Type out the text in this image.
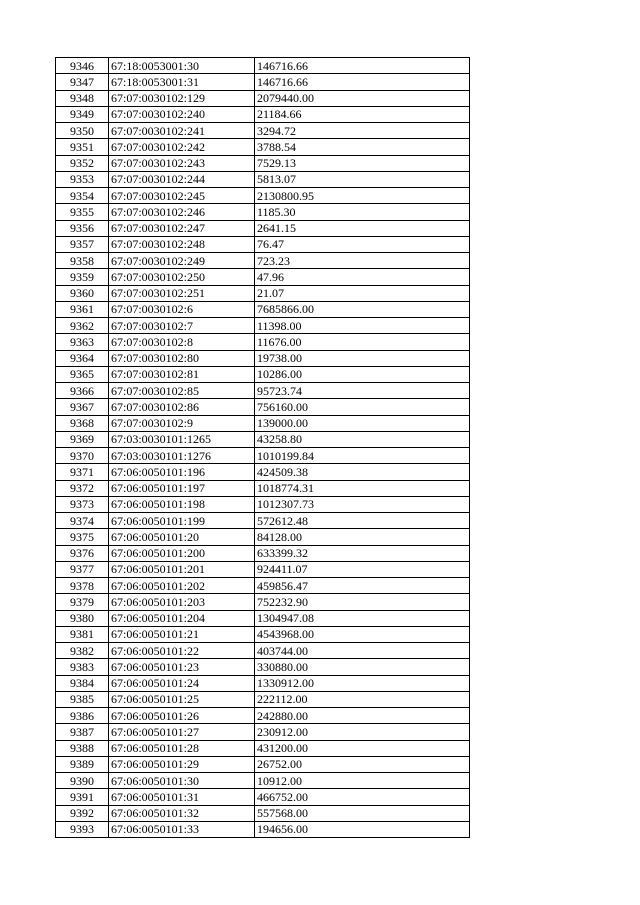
9346	67:18:0053001:30	146716.66
9347	67:18:0053001:31	146716.66
9348	67:07:0030102:129	2079440.00
9349	67:07:0030102:240	21184.66
9350	67:07:0030102:241	3294.72
9351	67:07:0030102:242	3788.54
9352	67:07:0030102:243	7529.13
9353	67:07:0030102:244	5813.07
9354	67:07:0030102:245	2130800.95
9355	67:07:0030102:246	1185.30
9356	67:07:0030102:247	2641.15
9357	67:07:0030102:248	76.47
9358	67:07:0030102:249	723.23
9359	67:07:0030102:250	47.96
9360	67:07:0030102:251	21.07
9361	67:07:0030102:6	7685866.00
9362	67:07:0030102:7	11398.00
9363	67:07:0030102:8	11676.00
9364	67:07:0030102:80	19738.00
9365	67:07:0030102:81	10286.00
9366	67:07:0030102:85	95723.74
9367	67:07:0030102:86	756160.00
9368	67:07:0030102:9	139000.00
9369	67:03:0030101:1265	43258.80
9370	67:03:0030101:1276	1010199.84
9371	67:06:0050101:196	424509.38
9372	67:06:0050101:197	1018774.31
9373	67:06:0050101:198	1012307.73
9374	67:06:0050101:199	572612.48
9375	67:06:0050101:20	84128.00
9376	67:06:0050101:200	633399.32
9377	67:06:0050101:201	924411.07
9378	67:06:0050101:202	459856.47
9379	67:06:0050101:203	752232.90
9380	67:06:0050101:204	1304947.08
9381	67:06:0050101:21	4543968.00
9382	67:06:0050101:22	403744.00
9383	67:06:0050101:23	330880.00
9384	67:06:0050101:24	1330912.00
9385	67:06:0050101:25	222112.00
9386	67:06:0050101:26	242880.00
9387	67:06:0050101:27	230912.00
9388	67:06:0050101:28	431200.00
9389	67:06:0050101:29	26752.00
9390	67:06:0050101:30	10912.00
9391	67:06:0050101:31	466752.00
9392	67:06:0050101:32	557568.00
9393	67:06:0050101:33	194656.00
